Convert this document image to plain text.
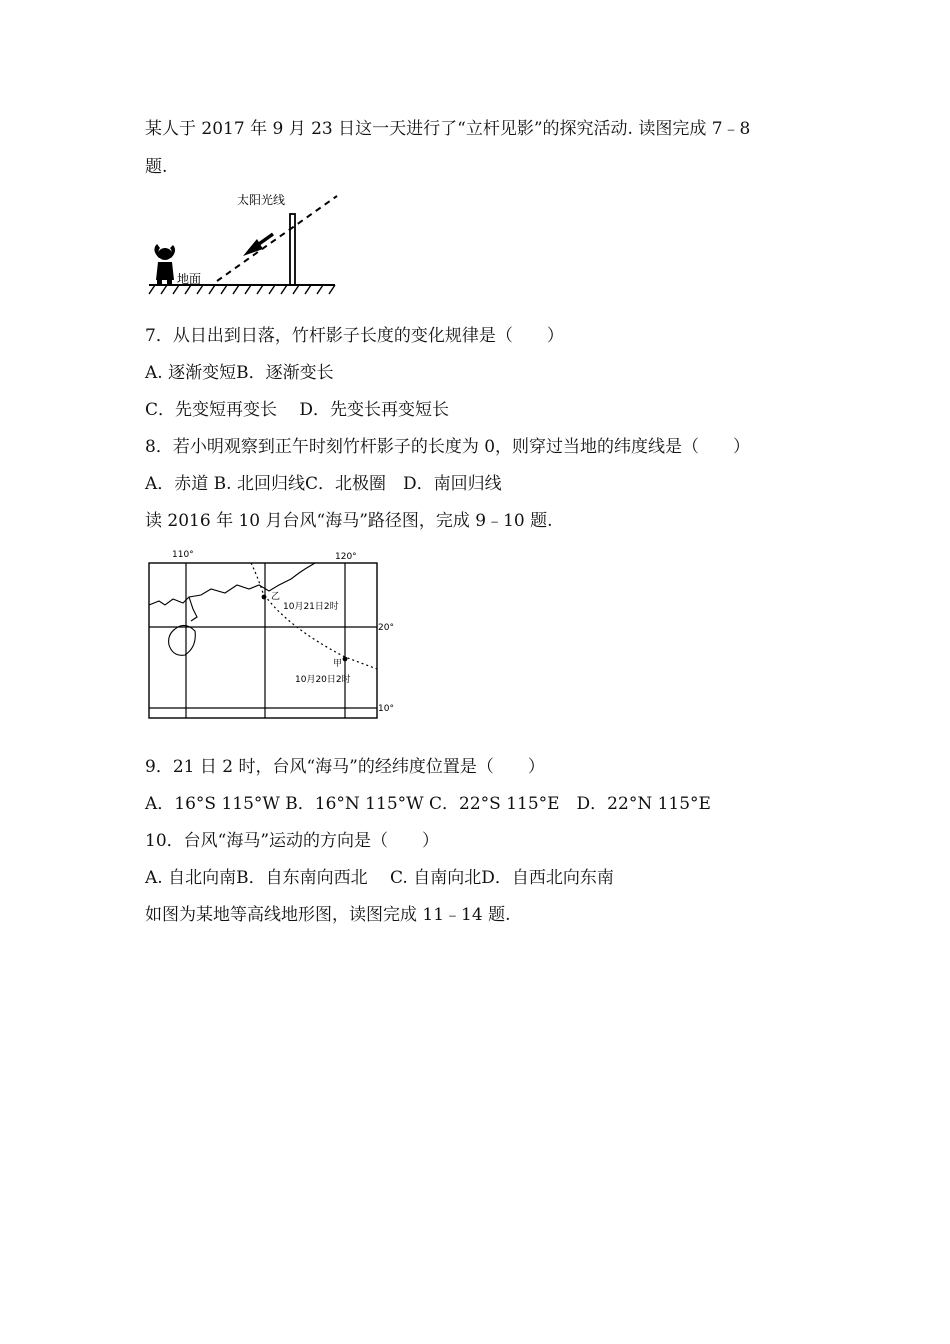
某人于 2017 年 9 月 23 日这一天进行了“立杆见影”的探究活动. 读图完成 7﹣8
题.
太阳光线
地面
7．从日出到日落，竹杆影子长度的变化规律是（　　）
A. 逐渐变短B．逐渐变长
C．先变短再变长　 D．先变长再变短长
8．若小明观察到正午时刻竹杆影子的长度为 0，则穿过当地的纬度线是（　　）
A．赤道 B. 北回归线C．北极圈　D．南回归线
读 2016 年 10 月台风“海马”路径图，完成 9﹣10 题.
110°	120°
20°
10°
乙
10月21日2时
甲
10月20日2时
9．21 日 2 时，台风“海马”的经纬度位置是（　　）
A．16°S 115°W B．16°N 115°W C．22°S 115°E　D．22°N 115°E
10．台风“海马”运动的方向是（　　）
A. 自北向南B．自东南向西北　 C. 自南向北D．自西北向东南
如图为某地等高线地形图，读图完成 11﹣14 题.
